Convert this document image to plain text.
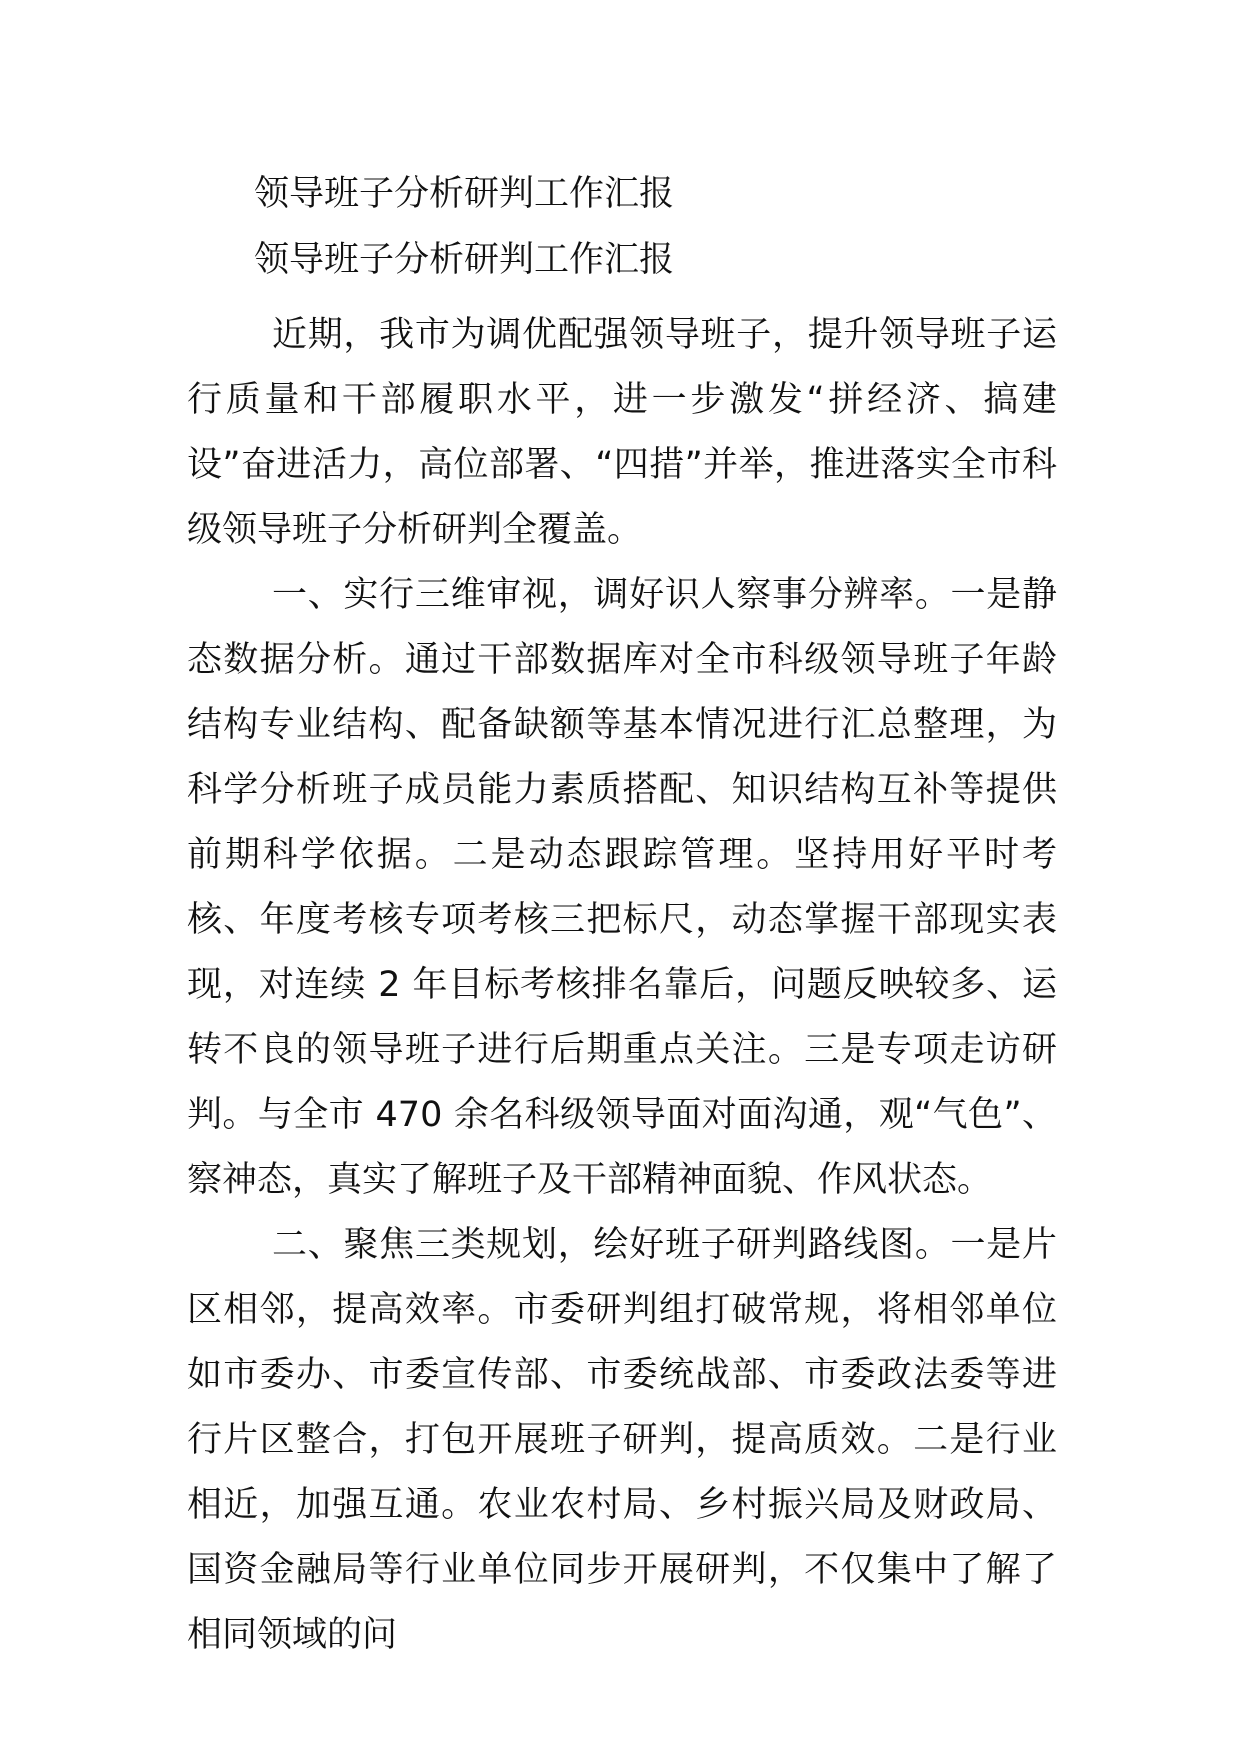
领导班子分析研判工作汇报
领导班子分析研判工作汇报

近期，我市为调优配强领导班子，提升领导班子运行质量和干部履职水平，进一步激发“拼经济、搞建设”奋进活力，高位部署、“四措”并举，推进落实全市科级领导班子分析研判全覆盖。

一、实行三维审视，调好识人察事分辨率。一是静态数据分析。通过干部数据库对全市科级领导班子年龄结构专业结构、配备缺额等基本情况进行汇总整理，为科学分析班子成员能力素质搭配、知识结构互补等提供前期科学依据。二是动态跟踪管理。坚持用好平时考核、年度考核专项考核三把标尺，动态掌握干部现实表现，对连续 2 年目标考核排名靠后，问题反映较多、运转不良的领导班子进行后期重点关注。三是专项走访研判。与全市 470 余名科级领导面对面沟通，观“气色”、察神态，真实了解班子及干部精神面貌、作风状态。

二、聚焦三类规划，绘好班子研判路线图。一是片区相邻，提高效率。市委研判组打破常规，将相邻单位如市委办、市委宣传部、市委统战部、市委政法委等进行片区整合，打包开展班子研判，提高质效。二是行业相近，加强互通。农业农村局、乡村振兴局及财政局、国资金融局等行业单位同步开展研判，不仅集中了解了相同领域的问
